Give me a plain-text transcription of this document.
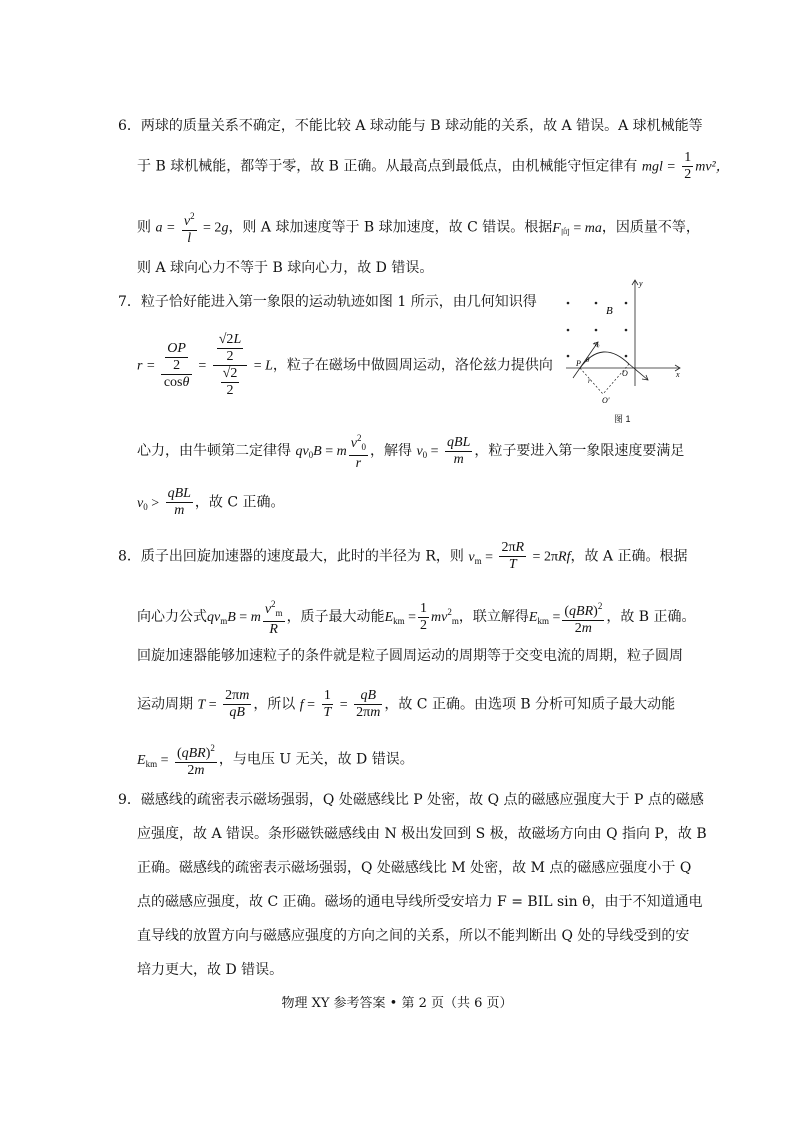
6．两球的质量关系不确定，不能比较 A 球动能与 B 球动能的关系，故 A 错误。A 球机械能等
于 B 球机械能，都等于零，故 B 正确。从最高点到最低点，由机械能守恒定律有 mgl = $\frac{1}{2} mv^2$，
则 $a = \frac{v^2}{l} = 2g$，则 A 球加速度等于 B 球加速度，故 C 错误。根据$F_向$ = ma，因质量不等，
则 A 球向心力不等于 B 球向心力，故 D 错误。
7．粒子恰好能进入第一象限的运动轨迹如图 1 所示，由几何知识得
$r = \frac{\frac{OP}{2}}{\cos\theta} = \frac{\frac{√2L}{2}}{\frac{√2}{2}} = L$，粒子在磁场中做圆周运动，洛伦兹力提供向
心力，由牛顿第二定律得 $qv_0B = m \frac{v^2_0}{r}$ ，解得 $v_0 = \frac{\text{qBL}}{m}$ ，粒子要进入第一象限速度要满足
$v_0 > \frac{\text{qBL}}{m}$ ，故 C 正确。
y
x
B
O'
P
O
θ
v₀
r
图 1
8．质子出回旋加速器的速度最大，此时的半径为 R，则 $v_m = \frac{2\pi R}{T} = 2\pi Rf$，故 A 正确。根据
向心力公式$qv_mB = m \frac{v^2_m}{R}$ ，质子最大动能$E_{km} = \frac{1}{2} mv^2_m$，联立解得$E_{km} = \frac{(qBR)^2}{2m}$ ，故 B 正确。
回旋加速器能够加速粒子的条件就是粒子圆周运动的周期等于交变电流的周期，粒子圆周
运动周期 $T = \frac{2\pi m}{qB}$ ，所以 $f = \frac{1}{T} = \frac{qB}{2\pi m}$ ，故 C 正确。由选项 B 分析可知质子最大动能
$E_{km} = \frac{(qBR)^2}{2m}$ ，与电压 U 无关，故 D 错误。
9．磁感线的疏密表示磁场强弱，Q 处磁感线比 P 处密，故 Q 点的磁感应强度大于 P 点的磁感
应强度，故 A 错误。条形磁铁磁感线由 N 极出发回到 S 极，故磁场方向由 Q 指向 P，故 B
正确。磁感线的疏密表示磁场强弱，Q 处磁感线比 M 处密，故 M 点的磁感应强度小于 Q
点的磁感应强度，故 C 正确。磁场的通电导线所受安培力 F = BIL sin θ，由于不知道通电
直导线的放置方向与磁感应强度的方向之间的关系，所以不能判断出 Q 处的导线受到的安
培力更大，故 D 错误。
物理 XY 参考答案 • 第 2 页（共 6 页）
